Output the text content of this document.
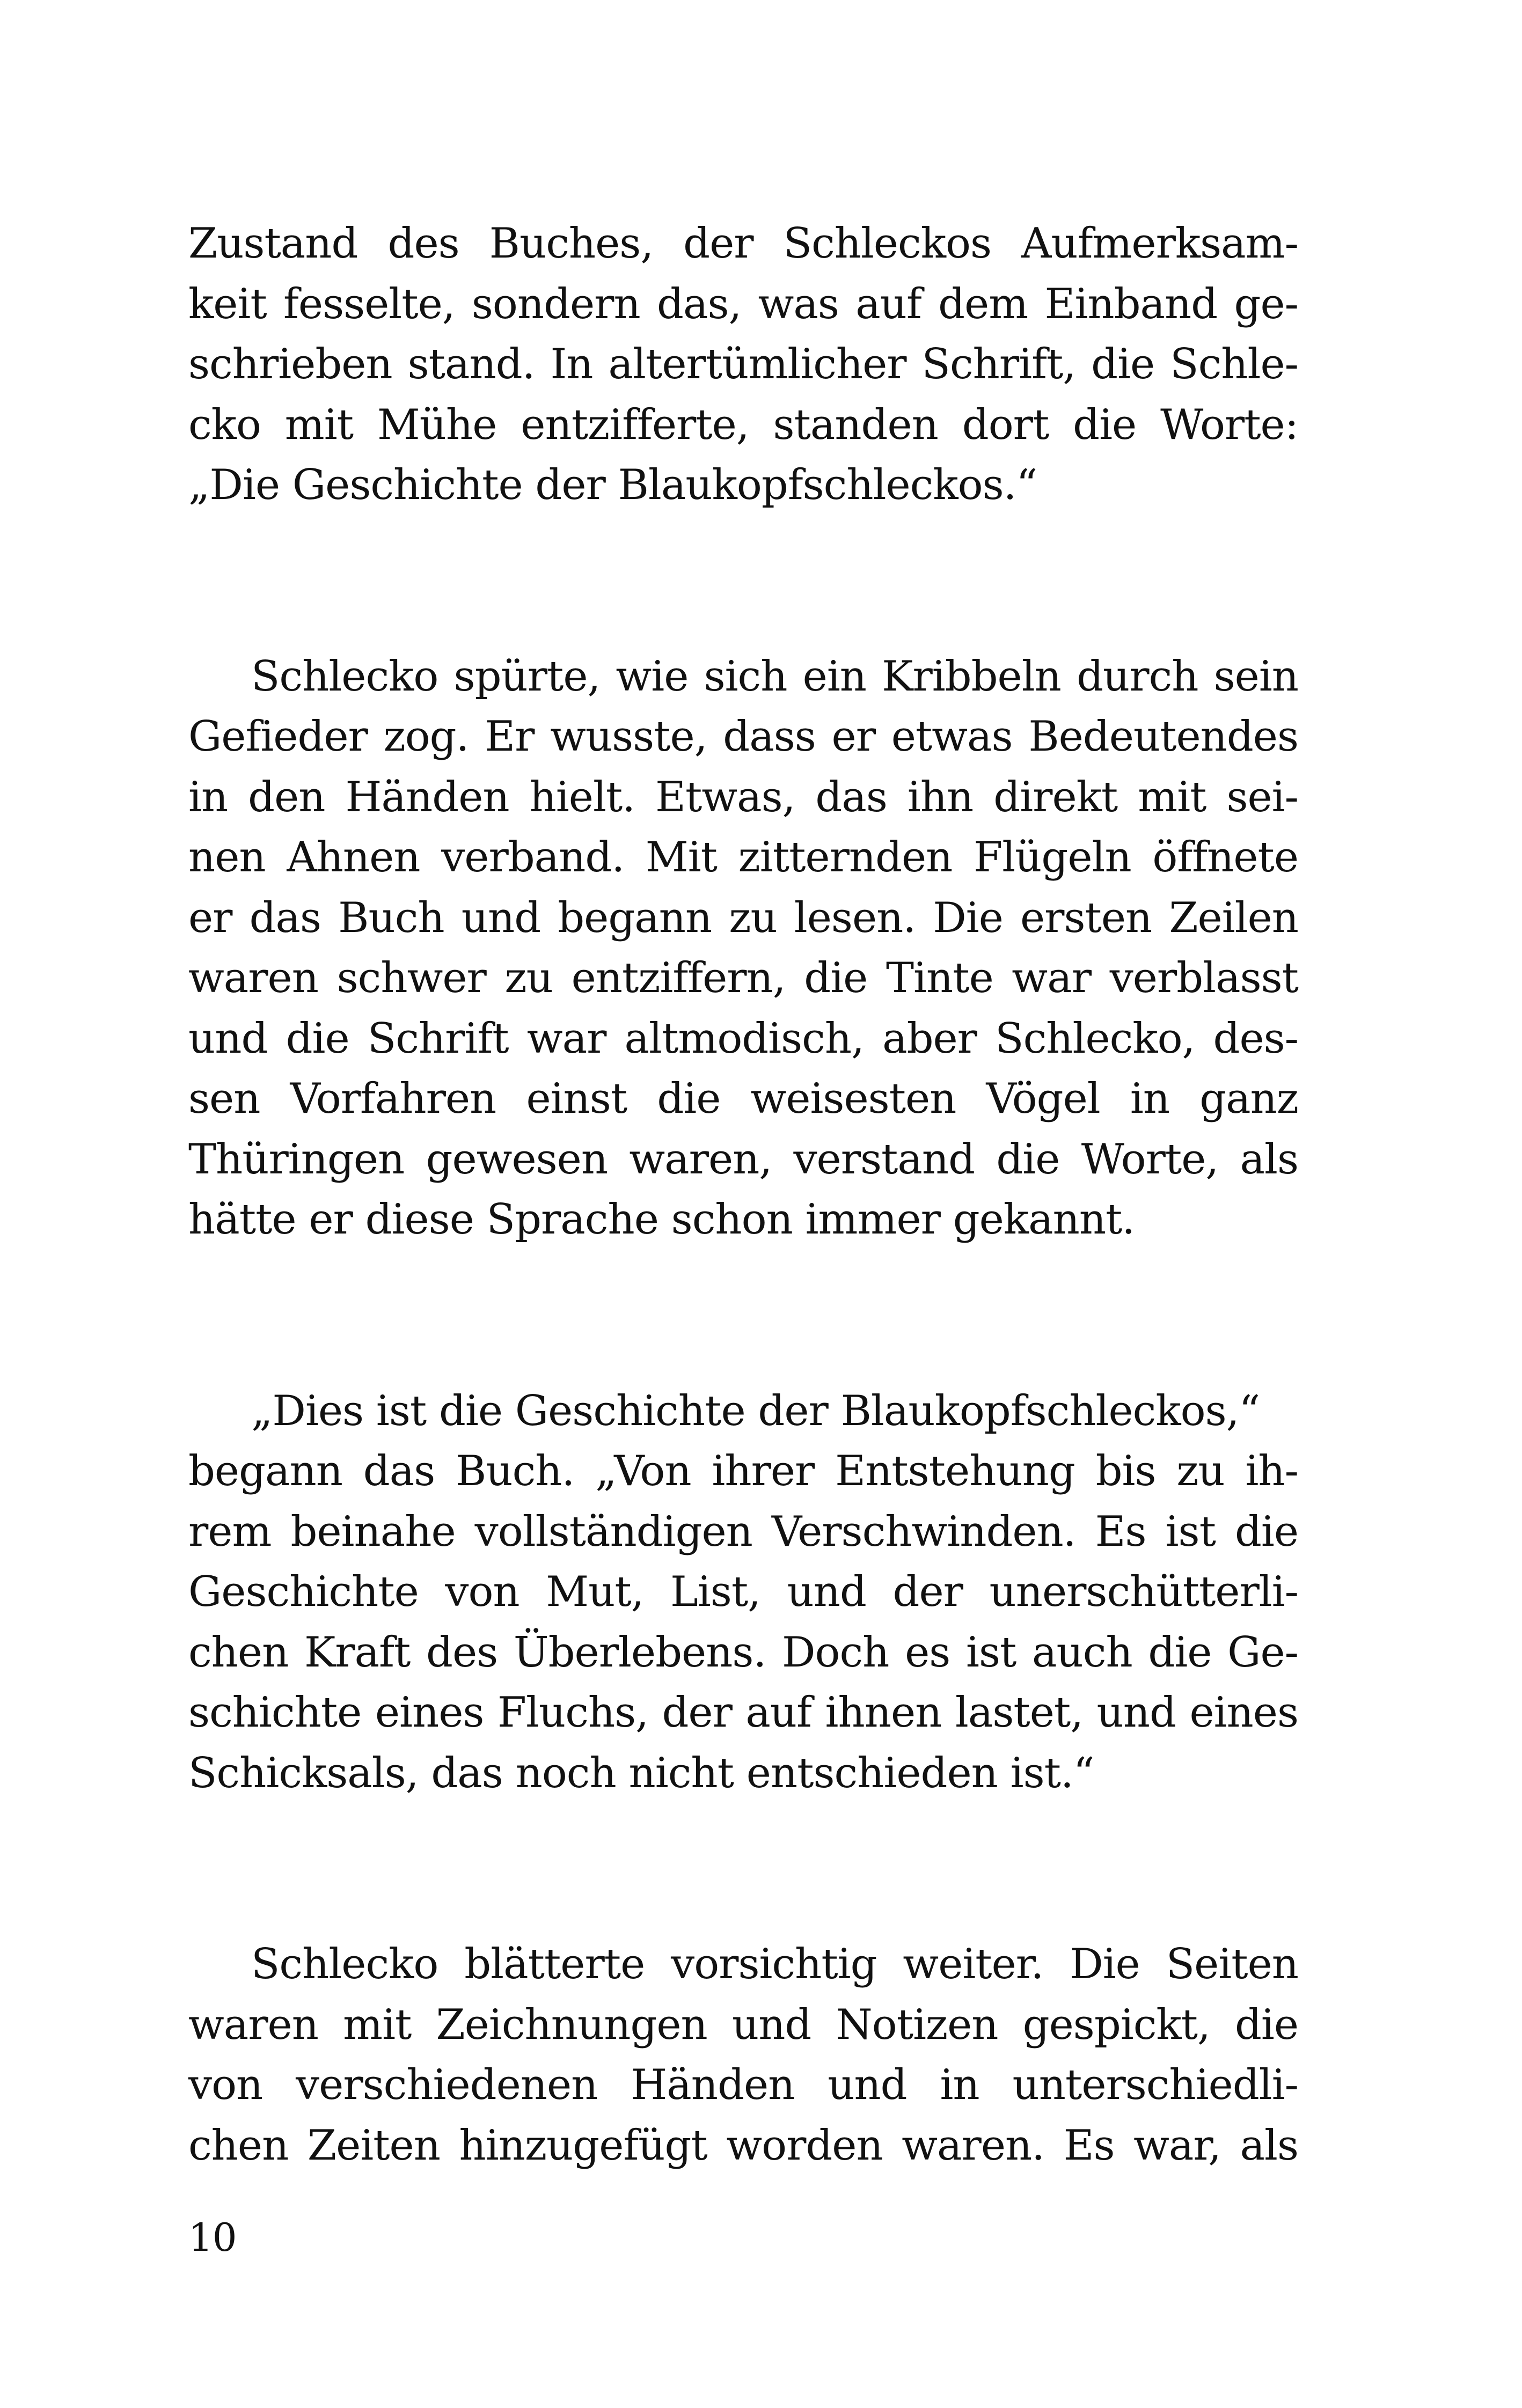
Zustand des Buches, der Schleckos Aufmerksam-
keit fesselte, sondern das, was auf dem Einband ge-
schrieben stand. In altertümlicher Schrift, die Schle-
cko mit Mühe entzifferte, standen dort die Worte:
„Die Geschichte der Blaukopfschleckos.“

Schlecko spürte, wie sich ein Kribbeln durch sein
Gefieder zog. Er wusste, dass er etwas Bedeutendes
in den Händen hielt. Etwas, das ihn direkt mit sei-
nen Ahnen verband. Mit zitternden Flügeln öffnete
er das Buch und begann zu lesen. Die ersten Zeilen
waren schwer zu entziffern, die Tinte war verblasst
und die Schrift war altmodisch, aber Schlecko, des-
sen Vorfahren einst die weisesten Vögel in ganz
Thüringen gewesen waren, verstand die Worte, als
hätte er diese Sprache schon immer gekannt.

„Dies ist die Geschichte der Blaukopfschleckos,“
begann das Buch. „Von ihrer Entstehung bis zu ih-
rem beinahe vollständigen Verschwinden. Es ist die
Geschichte von Mut, List, und der unerschütterli-
chen Kraft des Überlebens. Doch es ist auch die Ge-
schichte eines Fluchs, der auf ihnen lastet, und eines
Schicksals, das noch nicht entschieden ist.“

Schlecko blätterte vorsichtig weiter. Die Seiten
waren mit Zeichnungen und Notizen gespickt, die
von verschiedenen Händen und in unterschiedli-
chen Zeiten hinzugefügt worden waren. Es war, als

10
